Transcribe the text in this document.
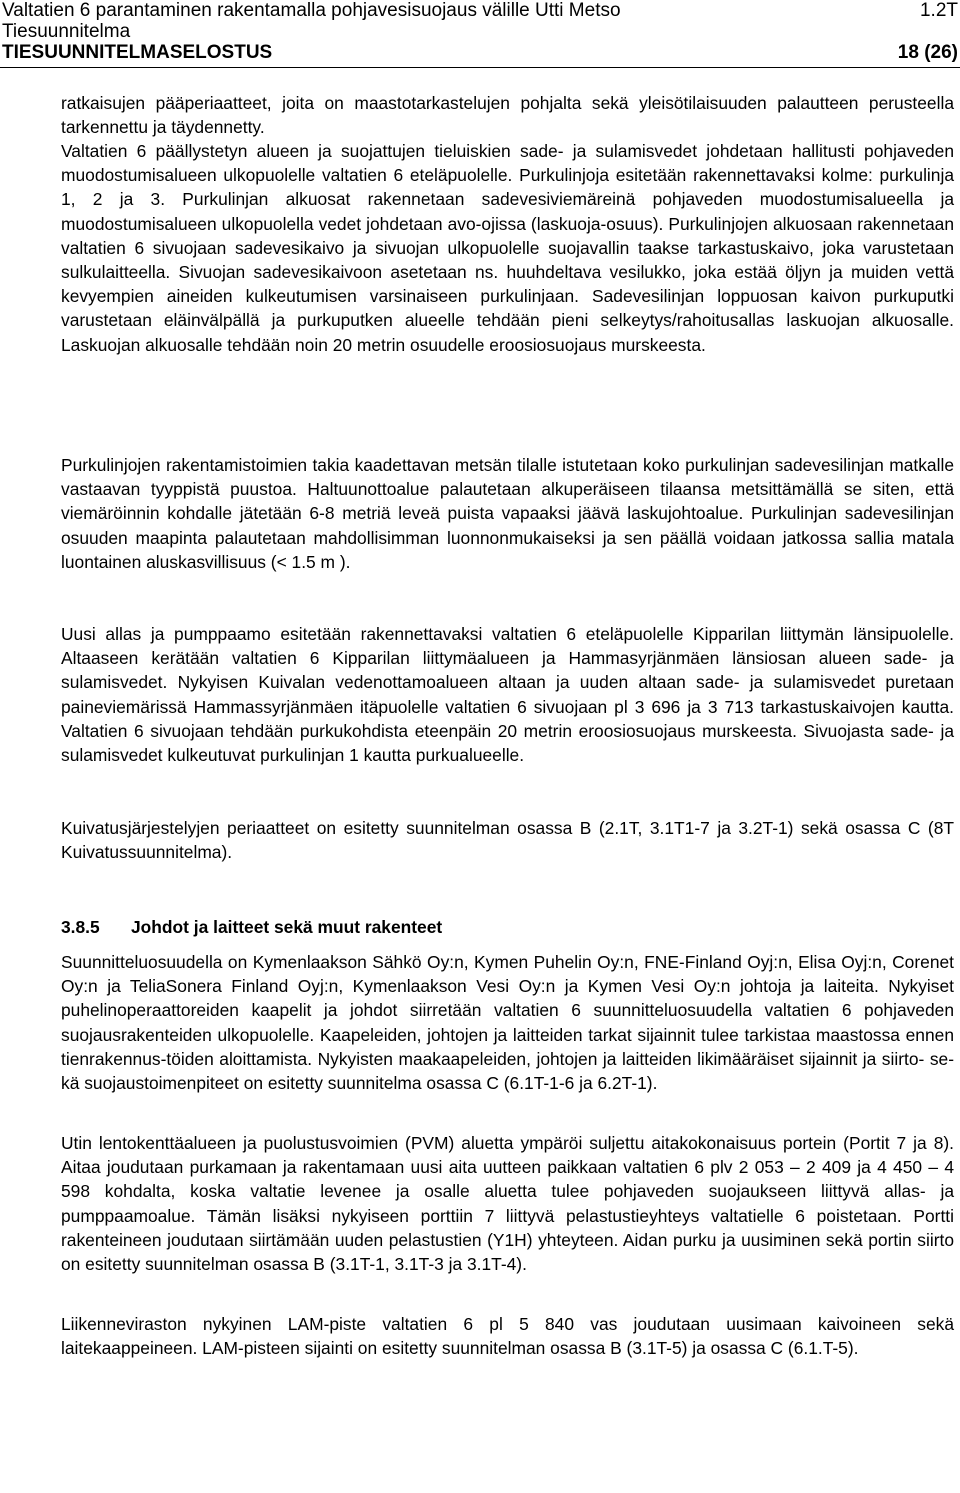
Valtatien 6 parantaminen rakentamalla pohjavesisuojaus välille Utti Metso	1.2T
Tiesuunnitelma
TIESUUNNITELMASELOSTUS	18 (26)

ratkaisujen pääperiaatteet, joita on maastotarkastelujen pohjalta sekä yleisötilaisuuden palautteen perusteella tarkennettu ja täydennetty.

Valtatien 6 päällystetyn alueen ja suojattujen tieluiskien sade- ja sulamisvedet johdetaan hallitusti pohjaveden muodostumisalueen ulkopuolelle valtatien 6 eteläpuolelle. Purkulinjoja esitetään rakennettavaksi kolme: purkulinja 1, 2 ja 3. Purkulinjan alkuosat rakennetaan sadevesiviemäreinä pohjaveden muodostumisalueella ja muodostumisalueen ulkopuolella vedet johdetaan avo-ojissa (laskuoja-osuus). Purkulinjojen alkuosaan rakennetaan valtatien 6 sivuojaan sadevesikaivo ja sivuojan ulkopuolelle suojavallin taakse tarkastuskaivo, joka varustetaan sulkulaitteella. Sivuojan sadevesikaivoon asetetaan ns. huuhdeltava vesilukko, joka estää öljyn ja muiden vettä kevyempien aineiden kulkeutumisen varsinaiseen purkulinjaan. Sadevesilinjan loppuosan kaivon purkuputki varustetaan eläinvälpällä ja purkuputken alueelle tehdään pieni selkeytys/rahoitusallas laskuojan alkuosalle. Laskuojan alkuosalle tehdään noin 20 metrin osuudelle eroosiosuojaus murskeesta.

Purkulinjojen rakentamistoimien takia kaadettavan metsän tilalle istutetaan koko purkulinjan sadevesilinjan matkalle vastaavan tyyppistä puustoa. Haltuunottoalue palautetaan alkuperäiseen tilaansa metsittämällä se siten, että viemäröinnin kohdalle jätetään 6-8 metriä leveä puista vapaaksi jäävä laskujohtoalue. Purkulinjan sadevesilinjan osuuden maapinta palautetaan mahdollisimman luonnonmukaiseksi ja sen päällä voidaan jatkossa sallia matala luontainen aluskasvillisuus (< 1.5 m ).

Uusi allas ja pumppaamo esitetään rakennettavaksi valtatien 6 eteläpuolelle Kipparilan liittymän länsipuolelle. Altaaseen kerätään valtatien 6 Kipparilan liittymäalueen ja Hammasyrjänmäen länsiosan alueen sade- ja sulamisvedet. Nykyisen Kuivalan vedenottamoalueen altaan ja uuden altaan sade- ja sulamisvedet puretaan paineviemärissä Hammassyrjänmäen itäpuolelle valtatien 6 sivuojaan pl 3 696 ja 3 713 tarkastuskaivojen kautta. Valtatien 6 sivuojaan tehdään purkukohdista eteenpäin 20 metrin eroosiosuojaus murskeesta. Sivuojasta sade- ja sulamisvedet kulkeutuvat purkulinjan 1 kautta purkualueelle.

Kuivatusjärjestelyjen periaatteet on esitetty suunnitelman osassa B (2.1T, 3.1T1-7 ja 3.2T-1) sekä osassa C (8T Kuivatussuunnitelma).

3.8.5 Johdot ja laitteet sekä muut rakenteet

Suunnitteluosuudella on Kymenlaakson Sähkö Oy:n, Kymen Puhelin Oy:n, FNE-Finland Oyj:n, Elisa Oyj:n, Corenet Oy:n ja TeliaSonera Finland Oyj:n, Kymenlaakson Vesi Oy:n ja Kymen Vesi Oy:n johtoja ja laiteita. Nykyiset puhelinoperaattoreiden kaapelit ja johdot siirretään valtatien 6 suunnitteluosuudella valtatien 6 pohjaveden suojausrakenteiden ulkopuolelle. Kaapeleiden, johtojen ja laitteiden tarkat sijainnit tulee tarkistaa maastossa ennen tienrakennus-töiden aloittamista. Nykyisten maakaapeleiden, johtojen ja laitteiden likimääräiset sijainnit ja siirto- sekä suojaustoimenpiteet on esitetty suunnitelma osassa C (6.1T-1-6 ja 6.2T-1).

Utin lentokenttäalueen ja puolustusvoimien (PVM) aluetta ympäröi suljettu aitakokonaisuus portein (Portit 7 ja 8). Aitaa joudutaan purkamaan ja rakentamaan uusi aita uutteen paikkaan valtatien 6 plv 2 053 – 2 409 ja 4 450 – 4 598 kohdalta, koska valtatie levenee ja osalle aluetta tulee pohjaveden suojaukseen liittyvä allas- ja pumppaamoalue. Tämän lisäksi nykyiseen porttiin 7 liittyvä pelastustieyhteys valtatielle 6 poistetaan. Portti rakenteineen joudutaan siirtämään uuden pelastustien (Y1H) yhteyteen. Aidan purku ja uusiminen sekä portin siirto on esitetty suunnitelman osassa B (3.1T-1, 3.1T-3 ja 3.1T-4).

Liikenneviraston nykyinen LAM-piste valtatien 6 pl 5 840 vas joudutaan uusimaan kaivoineen sekä laitekaappeineen. LAM-pisteen sijainti on esitetty suunnitelman osassa B (3.1T-5) ja osassa C (6.1.T-5).
